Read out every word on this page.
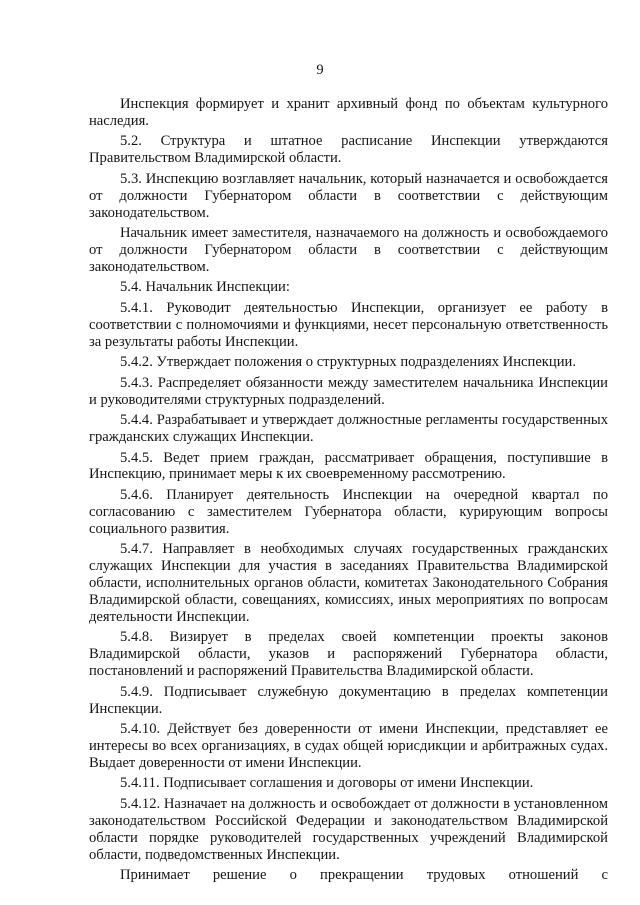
9

Инспекция формирует и хранит архивный фонд по объектам культурного наследия.

5.2. Структура и штатное расписание Инспекции утверждаются Правительством Владимирской области.

5.3. Инспекцию возглавляет начальник, который назначается и освобождается от должности Губернатором области в соответствии с действующим законодательством.

Начальник имеет заместителя, назначаемого на должность и освобождаемого от должности Губернатором области в соответствии с действующим законодательством.

5.4. Начальник Инспекции:

5.4.1. Руководит деятельностью Инспекции, организует ее работу в соответствии с полномочиями и функциями, несет персональную ответственность за результаты работы Инспекции.

5.4.2. Утверждает положения о структурных подразделениях Инспекции.

5.4.3. Распределяет обязанности между заместителем начальника Инспекции и руководителями структурных подразделений.

5.4.4. Разрабатывает и утверждает должностные регламенты государственных гражданских служащих Инспекции.

5.4.5. Ведет прием граждан, рассматривает обращения, поступившие в Инспекцию, принимает меры к их своевременному рассмотрению.

5.4.6. Планирует деятельность Инспекции на очередной квартал по согласованию с заместителем Губернатора области, курирующим вопросы социального развития.

5.4.7. Направляет в необходимых случаях государственных гражданских служащих Инспекции для участия в заседаниях Правительства Владимирской области, исполнительных органов области, комитетах Законодательного Собрания Владимирской области, совещаниях, комиссиях, иных мероприятиях по вопросам деятельности Инспекции.

5.4.8. Визирует в пределах своей компетенции проекты законов Владимирской области, указов и распоряжений Губернатора области, постановлений и распоряжений Правительства Владимирской области.

5.4.9. Подписывает служебную документацию в пределах компетенции Инспекции.

5.4.10. Действует без доверенности от имени Инспекции, представляет ее интересы во всех организациях, в судах общей юрисдикции и арбитражных судах. Выдает доверенности от имени Инспекции.

5.4.11. Подписывает соглашения и договоры от имени Инспекции.

5.4.12. Назначает на должность и освобождает от должности в установленном законодательством Российской Федерации и законодательством Владимирской области порядке руководителей государственных учреждений Владимирской области, подведомственных Инспекции.

Принимает решение о прекращении трудовых отношений с
